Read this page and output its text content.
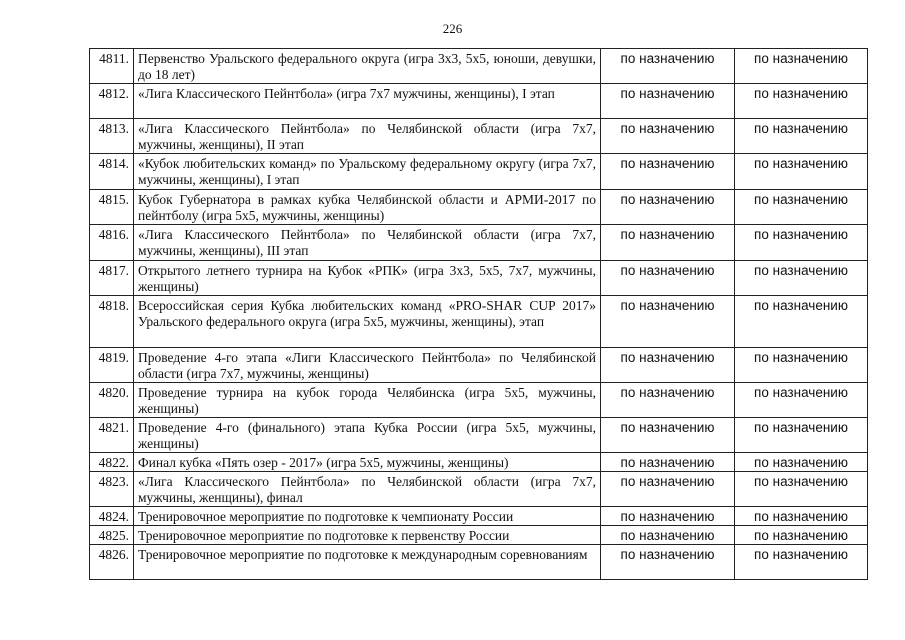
226
4811.	Первенство Уральского федерального округа (игра 3х3, 5х5, юноши, девушки, до 18 лет)	по назначению	по назначению
4812.	«Лига Классического Пейнтбола» (игра 7х7 мужчины, женщины), I этап	по назначению	по назначению
4813.	«Лига Классического Пейнтбола» по Челябинской области (игра 7х7, мужчины, женщины), II этап	по назначению	по назначению
4814.	«Кубок любительских команд» по Уральскому федеральному округу (игра 7х7, мужчины, женщины), I этап	по назначению	по назначению
4815.	Кубок Губернатора в рамках кубка Челябинской области и АРМИ-2017 по пейнтболу (игра 5х5, мужчины, женщины)	по назначению	по назначению
4816.	«Лига Классического Пейнтбола» по Челябинской области (игра 7х7, мужчины, женщины), III этап	по назначению	по назначению
4817.	Открытого летнего турнира на Кубок «РПК» (игра 3х3, 5х5, 7х7, мужчины, женщины)	по назначению	по назначению
4818.	Всероссийская серия Кубка любительских команд «PRO-SHAR CUP 2017» Уральского федерального округа (игра 5х5, мужчины, женщины), этап	по назначению	по назначению
4819.	Проведение 4-го этапа «Лиги Классического Пейнтбола» по Челябинской области (игра 7х7, мужчины, женщины)	по назначению	по назначению
4820.	Проведение турнира на кубок города Челябинска (игра 5х5, мужчины, женщины)	по назначению	по назначению
4821.	Проведение 4-го (финального) этапа Кубка России (игра 5х5, мужчины, женщины)	по назначению	по назначению
4822.	Финал кубка «Пять озер - 2017» (игра 5х5, мужчины, женщины)	по назначению	по назначению
4823.	«Лига Классического Пейнтбола» по Челябинской области (игра 7х7, мужчины, женщины), финал	по назначению	по назначению
4824.	Тренировочное мероприятие по подготовке к чемпионату России	по назначению	по назначению
4825.	Тренировочное мероприятие по подготовке к первенству России	по назначению	по назначению
4826.	Тренировочное мероприятие по подготовке к международным соревнованиям	по назначению	по назначению
